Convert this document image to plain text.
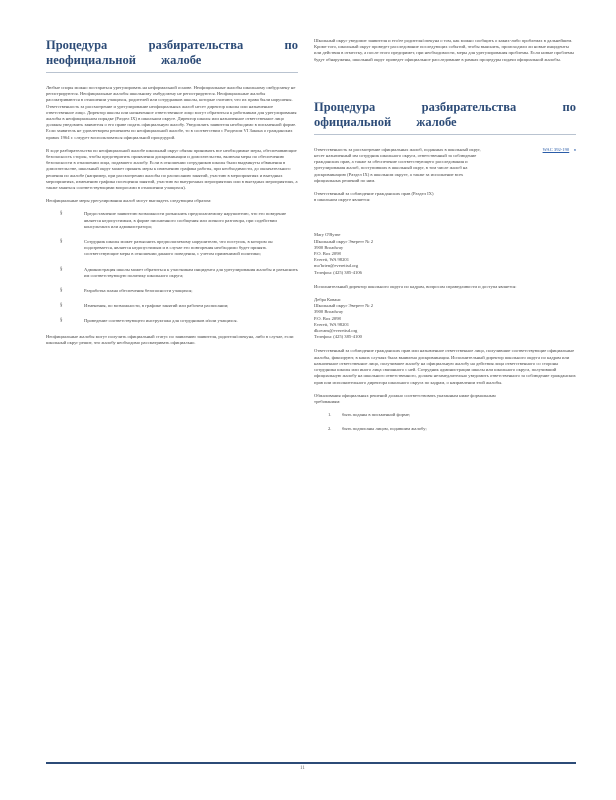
Процедура разбирательства по
неофициальной жалобе

Любые споры можно постараться урегулировать на неформальной основе. Неофициальные жалобы школьному омбудсмену не регистрируются. Неофициальные жалобы школьному омбудсмену не регистрируются. Неофициальные жалобы рассматриваются в отношении учащихся, родителей или сотрудников школы, которые считают, что их права были нарушены. Ответственность за рассмотрение и урегулирование неофициальных жалоб несет директор школы или назначенное ответственное лицо. Директор школы или назначенное ответственное лицо могут обратиться к работникам для урегулирования жалобы в неофициальном порядке (Раздел IX) в школьном округе. Директор школы или назначенное ответственное лицо должны уведомить заявителя о его праве подать официальную жалобу. Уведомлять заявителя необходимо в письменной форме. Если заявитель не удовлетворен решением по неофициальной жалобе, то в соответствии с Разделом VI Закона о гражданских правах 1964 г. следует воспользоваться официальной процедурой.

В ходе разбирательства по неофициальной жалобе школьный округ обязан принимать все необходимые меры, обеспечивающие безопасность сторон, чтобы предотвратить проявления дискриминации и домогательства, включая меры по обеспечению безопасности в отношении лица, подавшего жалобу. Если в отношении сотрудников школы были выдвинуты обвинения в домогательстве, школьный округ может принять меры к изменению графика работы, при необходимости, до окончательного решения по жалобе (например, при рассмотрении жалобы по расписанию занятий, участию в мероприятиях и выездных мероприятиях, изменению графика посещения занятий, участию во внеурочных мероприятиях или в выездных мероприятиях, а также заняться соответствующими вопросами в отношении учащихся).

Неофициальные меры урегулирования жалоб могут выглядеть следующим образом:

§	Предоставление заявителю возможности разъяснить предполагаемому нарушителю, что его поведение является недопустимым, в форме письменного сообщения или личного разговора, при содействии консультанта или администратора;
§	Сотрудник школы может разъяснить предполагаемому нарушителю, что поступок, в котором он подозревается, является недопустимым и в случае его повторения необходимо будет принять соответствующие меры в отношении данного поведения, с учетом применимой политики;
§	Администрация школы может обратиться к участникам инцидента для урегулирования жалобы и разъяснить им соответствующую политику школьного округа;
§	Разработка плана обеспечения безопасности учащихся;
§	Изменения, по возможности, в графике занятий или рабочем расписании;
§	Проведение соответствующего инструктажа для сотрудников и/или учащихся.

Неофициальные жалобы могут получить официальный статус по заявлению заявителя, родителя/опекуна, либо в случае, если школьный округ решит, что жалобу необходимо рассматривать официально.

Школьный округ уведомит заявителя и его/ее родителя/опекуна о том, как можно сообщить о каких-либо проблемах в дальнейшем. Кроме того, школьный округ проведет расследование последующих событий, чтобы выяснить, происходили ли новые инциденты или действия в отместку, а после этого предпримет, при необходимости, меры для урегулирования проблемы. Если новые проблемы будут обнаружены, школьный округ проведет официальное расследование в рамках процедуры подачи официальной жалобы.

Процедура разбирательства по
официальной жалобе
WAC 392-190 в

Ответственность за рассмотрение официальных жалоб, поданных в школьный округ, несет назначенный им сотрудник школьного округа, ответственный за соблюдение гражданских прав, а также за обеспечение соответствующего расследования и урегулирования жалоб, поступивших в школьный округ, в том числе жалоб на дискриминацию (Раздел IX) в школьном округе, а также за исполнение всех официальных решений по ним.

Ответственный за соблюдение гражданских прав (Раздел IX) в школьном округе является:

Mary O'Byrne

Школьный округ Эверетт № 2

3900 Broadway

P.O. Box 2098

Everett, WA 98201

mo'brien@everettsd.org

Телефон: (425) 385-4106

Исполнительный директор школьного округа по кадрам, вопросам справедливости и доступа является:

Дебра Кованс

Школьный округ Эверетт № 2

3900 Broadway

P.O. Box 2098

Everett, WA 98201

dkovans@everettsd.org

Телефон: (425) 385-4100

Ответственный за соблюдение гражданских прав или назначенное ответственное лицо, получившие соответствующие официальные жалобы, фиксируют, в каких случаях была выявлена дискриминация. Исполнительный директор школьного округа по кадрам или назначенное ответственное лицо, получившее жалобу на официальную жалобу на действия лица ответственного со стороны сотрудника школы или иного лица связанного с ней. Сотрудник администрации школы или школьного округа, получивший официальную жалобу на школьного ответственного, должен незамедлительно уведомить ответственного за соблюдение гражданских прав или исполнительного директора школьного округа по кадрам, о направлении этой жалобы.

Обжалования официальных решений должно соответствовать указанным ниже формальным требованиям:

1. быть поданы в письменной форме;
2. быть подписаны лицом, подавшим жалобу;
11
